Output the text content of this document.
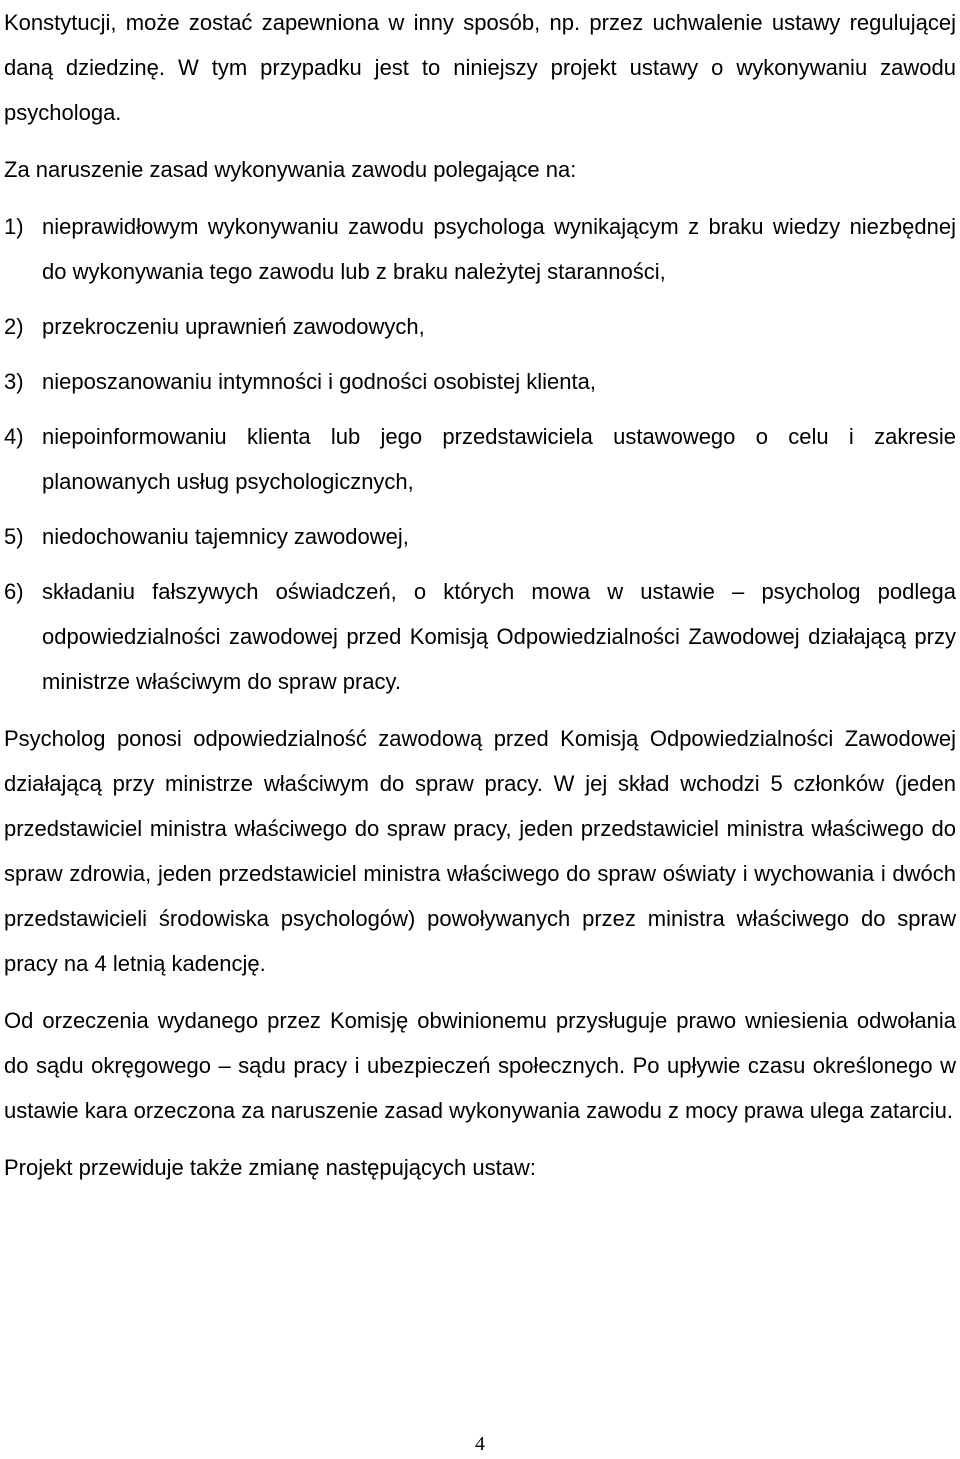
Konstytucji, może zostać zapewniona w inny sposób, np. przez uchwalenie ustawy regulującej daną dziedzinę. W tym przypadku jest to niniejszy projekt ustawy o wykonywaniu zawodu psychologa.

Za naruszenie zasad wykonywania zawodu polegające na:

1) nieprawidłowym wykonywaniu zawodu psychologa wynikającym z braku wiedzy niezbędnej do wykonywania tego zawodu lub z braku należytej staranności,
2) przekroczeniu uprawnień zawodowych,
3) nieposzanowaniu intymności i godności osobistej klienta,
4) niepoinformowaniu klienta lub jego przedstawiciela ustawowego o celu i zakresie planowanych usług psychologicznych,
5) niedochowaniu tajemnicy zawodowej,
6) składaniu fałszywych oświadczeń, o których mowa w ustawie – psycholog podlega odpowiedzialności zawodowej przed Komisją Odpowiedzialności Zawodowej działającą przy ministrze właściwym do spraw pracy.

Psycholog ponosi odpowiedzialność zawodową przed Komisją Odpowiedzialności Zawodowej działającą przy ministrze właściwym do spraw pracy. W jej skład wchodzi 5 członków (jeden przedstawiciel ministra właściwego do spraw pracy, jeden przedstawiciel ministra właściwego do spraw zdrowia, jeden przedstawiciel ministra właściwego do spraw oświaty i wychowania i dwóch przedstawicieli środowiska psychologów) powoływanych przez ministra właściwego do spraw pracy na 4 letnią kadencję.

Od orzeczenia wydanego przez Komisję obwinionemu przysługuje prawo wniesienia odwołania do sądu okręgowego – sądu pracy i ubezpieczeń społecznych. Po upływie czasu określonego w ustawie kara orzeczona za naruszenie zasad wykonywania zawodu z mocy prawa ulega zatarciu.

Projekt przewiduje także zmianę następujących ustaw:

4
